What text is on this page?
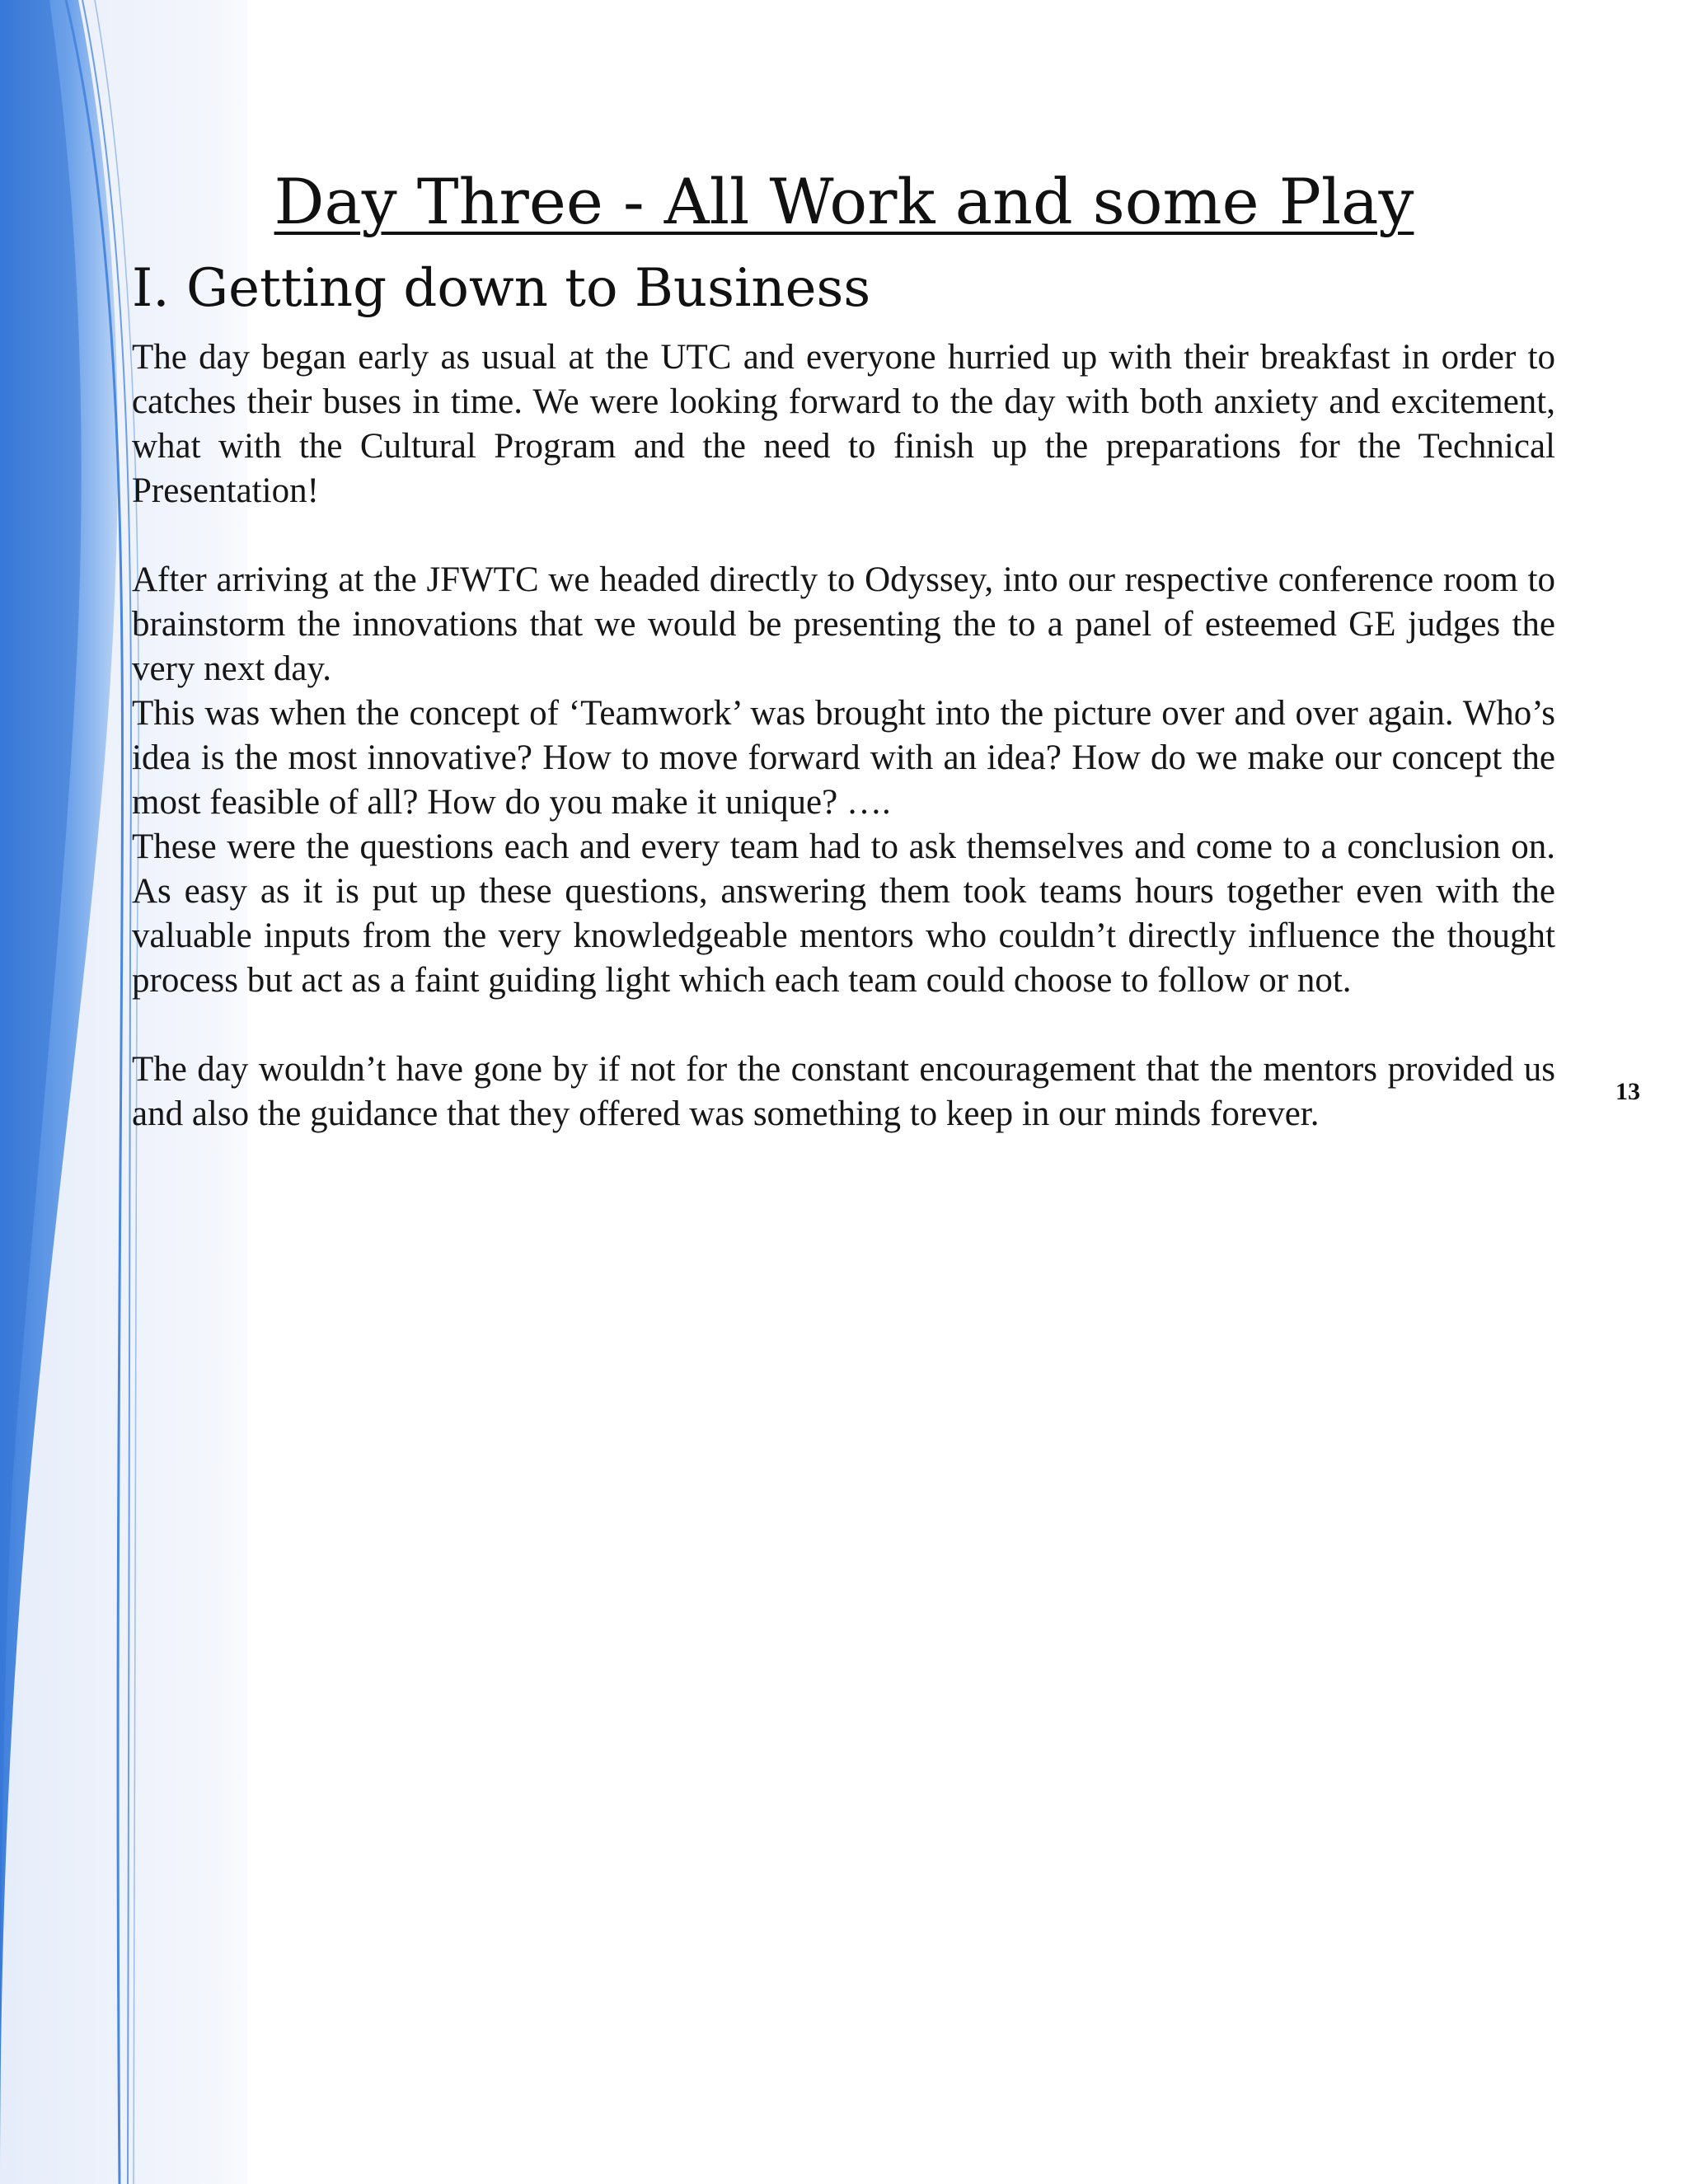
Day Three - All Work and some Play
I. Getting down to Business

The day began early as usual at the UTC and everyone hurried up with their breakfast in order to catches their buses in time. We were looking forward to the day with both anxiety and excitement, what with the Cultural Program and the need to finish up the preparations for the Technical Presentation!

After arriving at the JFWTC we headed directly to Odyssey, into our respective conference room to brainstorm the innovations that we would be presenting the to a panel of esteemed GE judges the very next day.

This was when the concept of ‘Teamwork’ was brought into the picture over and over again. Who’s idea is the most innovative? How to move forward with an idea? How do we make our concept the most feasible of all? How do you make it unique? ….

These were the questions each and every team had to ask themselves and come to a conclusion on. As easy as it is put up these questions, answering them took teams hours together even with the valuable inputs from the very knowledgeable mentors who couldn’t directly influence the thought process but act as a faint guiding light which each team could choose to follow or not.

The day wouldn’t have gone by if not for the constant encouragement that the mentors provided us and also the guidance that they offered was something to keep in our minds forever.

13
